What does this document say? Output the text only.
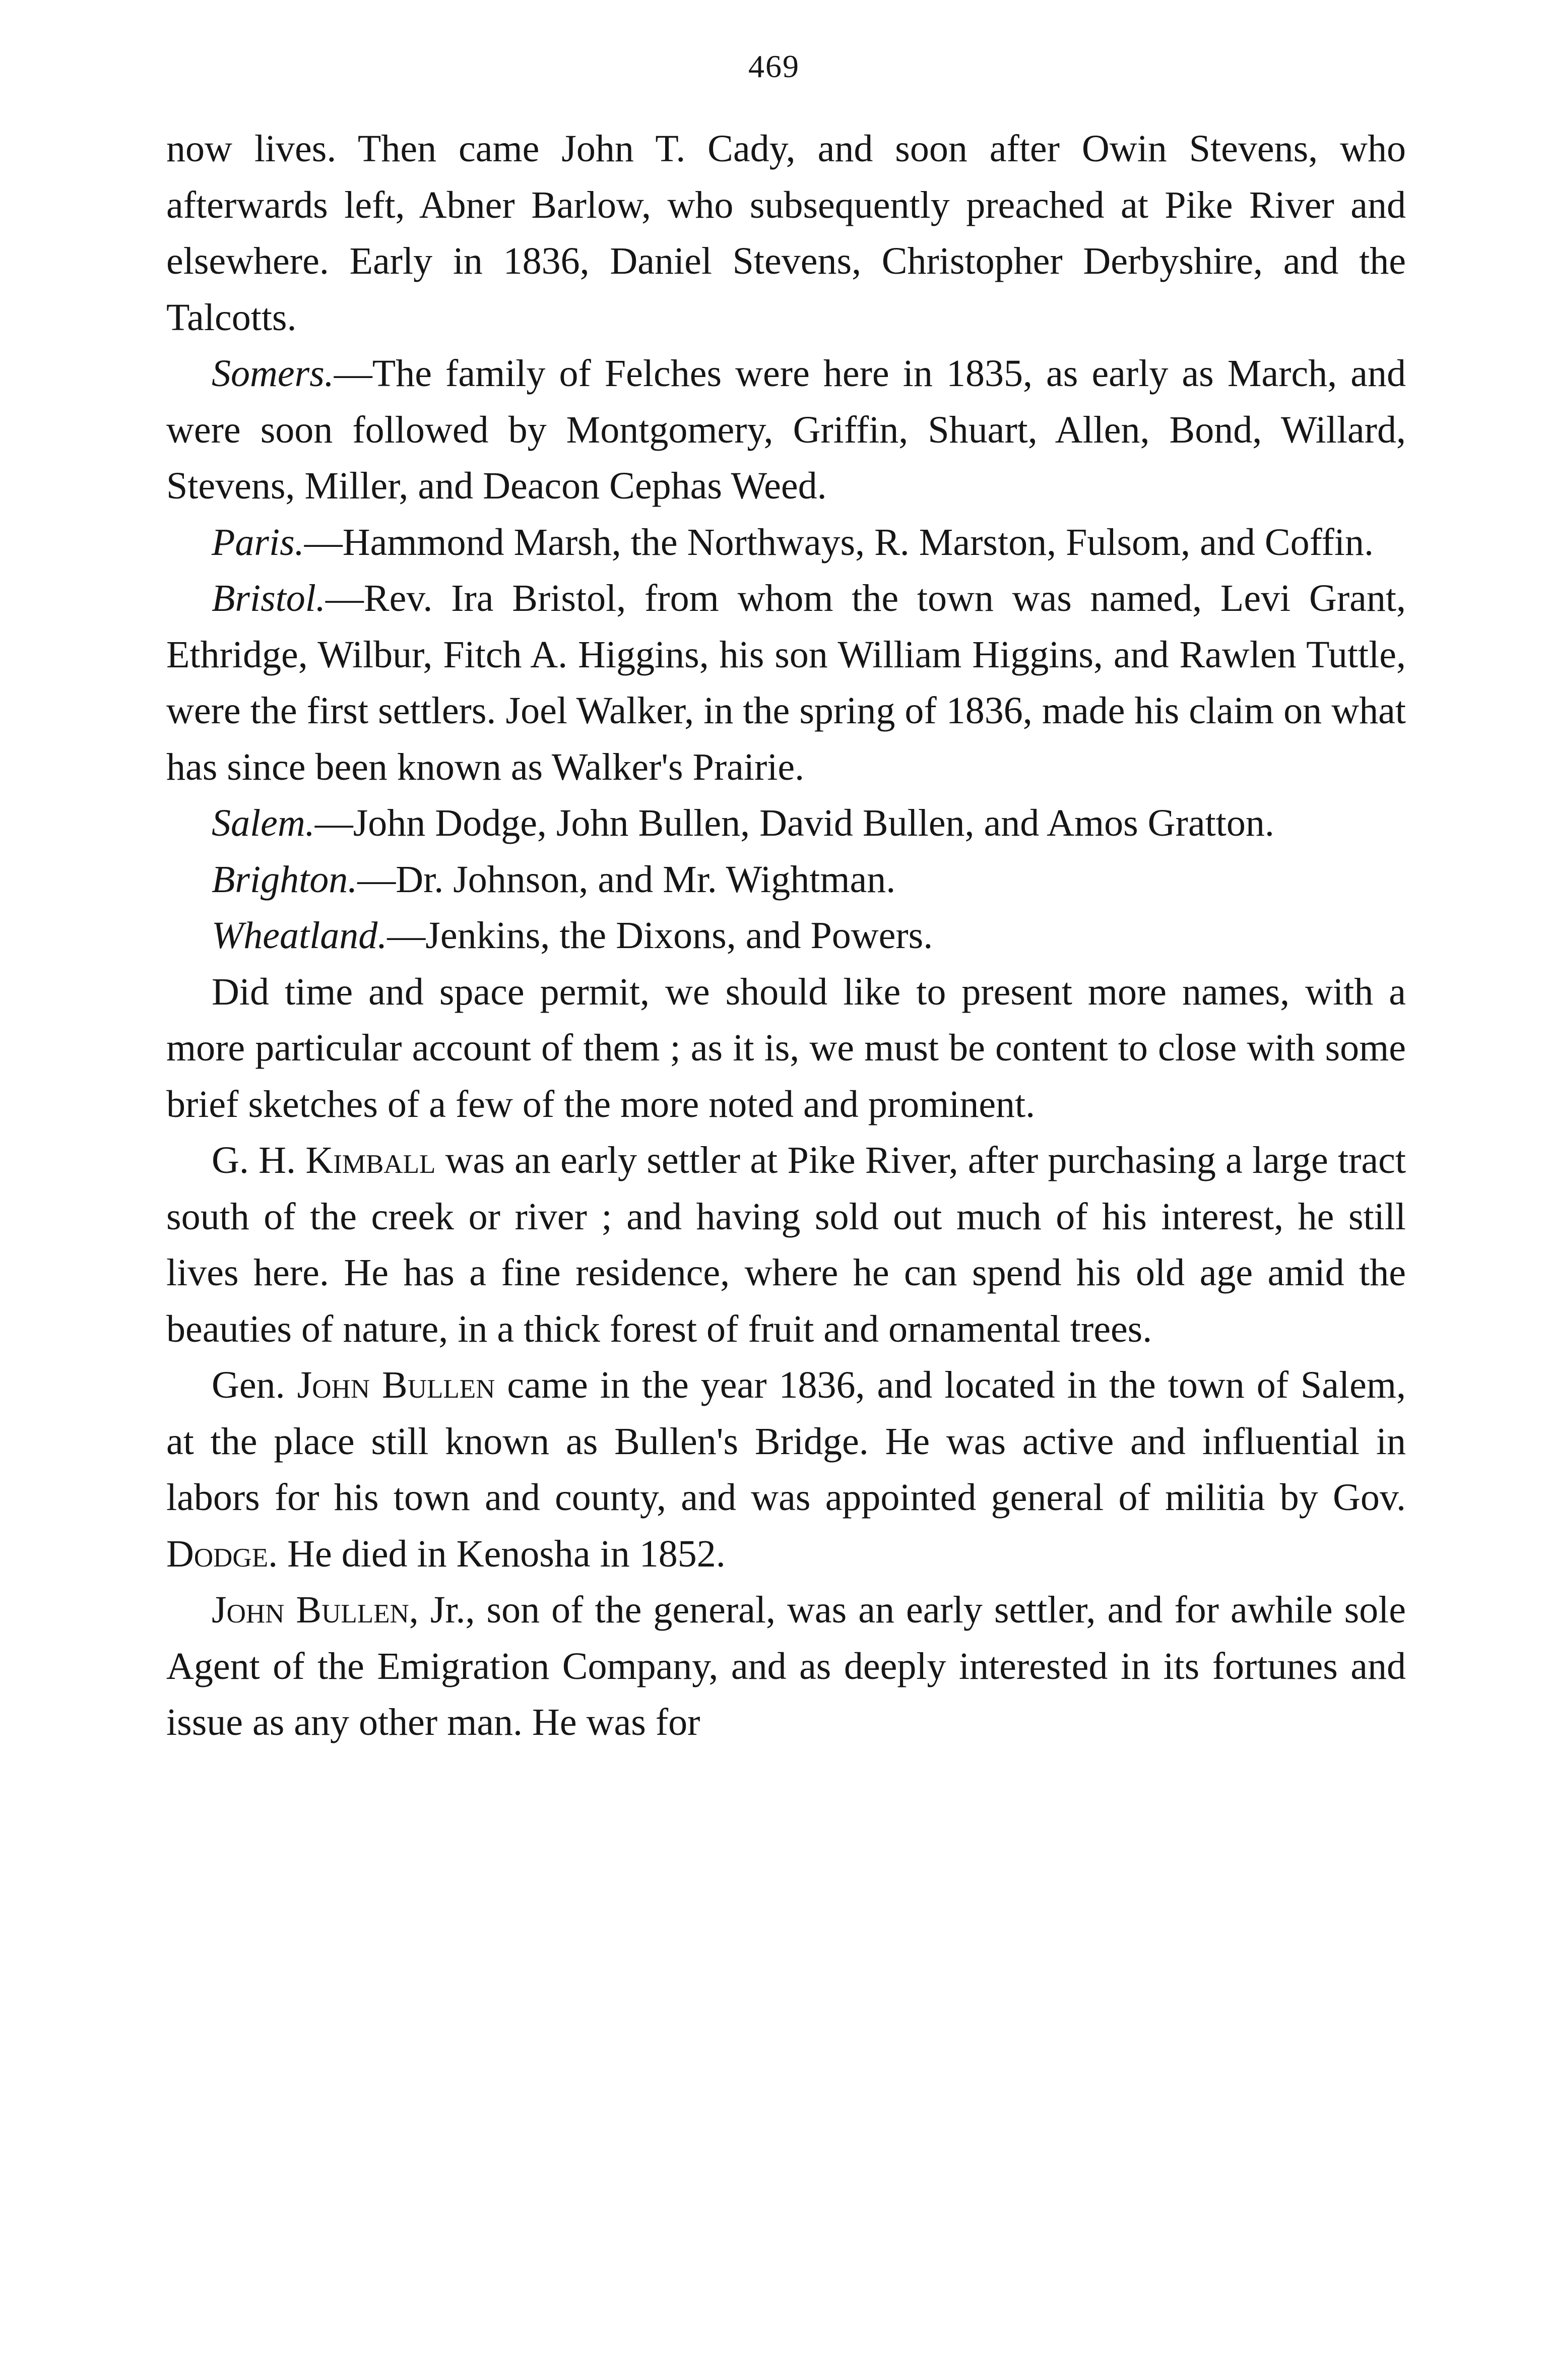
469

now lives. Then came John T. Cady, and soon after Owin Stevens, who afterwards left, Abner Barlow, who subsequently preached at Pike River and elsewhere. Early in 1836, Daniel Stevens, Christopher Derbyshire, and the Talcotts.

Somers.—The family of Felches were here in 1835, as early as March, and were soon followed by Montgomery, Griffin, Shuart, Allen, Bond, Willard, Stevens, Miller, and Deacon Cephas Weed.

Paris.—Hammond Marsh, the Northways, R. Marston, Fulsom, and Coffin.

Bristol.—Rev. Ira Bristol, from whom the town was named, Levi Grant, Ethridge, Wilbur, Fitch A. Higgins, his son William Higgins, and Rawlen Tuttle, were the first settlers. Joel Walker, in the spring of 1836, made his claim on what has since been known as Walker's Prairie.

Salem.—John Dodge, John Bullen, David Bullen, and Amos Gratton.

Brighton.—Dr. Johnson, and Mr. Wightman.

Wheatland.—Jenkins, the Dixons, and Powers.

Did time and space permit, we should like to present more names, with a more particular account of them ; as it is, we must be content to close with some brief sketches of a few of the more noted and prominent.

G. H. Kimball was an early settler at Pike River, after purchasing a large tract south of the creek or river ; and having sold out much of his interest, he still lives here. He has a fine residence, where he can spend his old age amid the beauties of nature, in a thick forest of fruit and ornamental trees.

Gen. John Bullen came in the year 1836, and located in the town of Salem, at the place still known as Bullen's Bridge. He was active and influential in labors for his town and county, and was appointed general of militia by Gov. Dodge. He died in Kenosha in 1852.

John Bullen, Jr., son of the general, was an early settler, and for awhile sole Agent of the Emigration Company, and as deeply interested in its fortunes and issue as any other man. He was for
